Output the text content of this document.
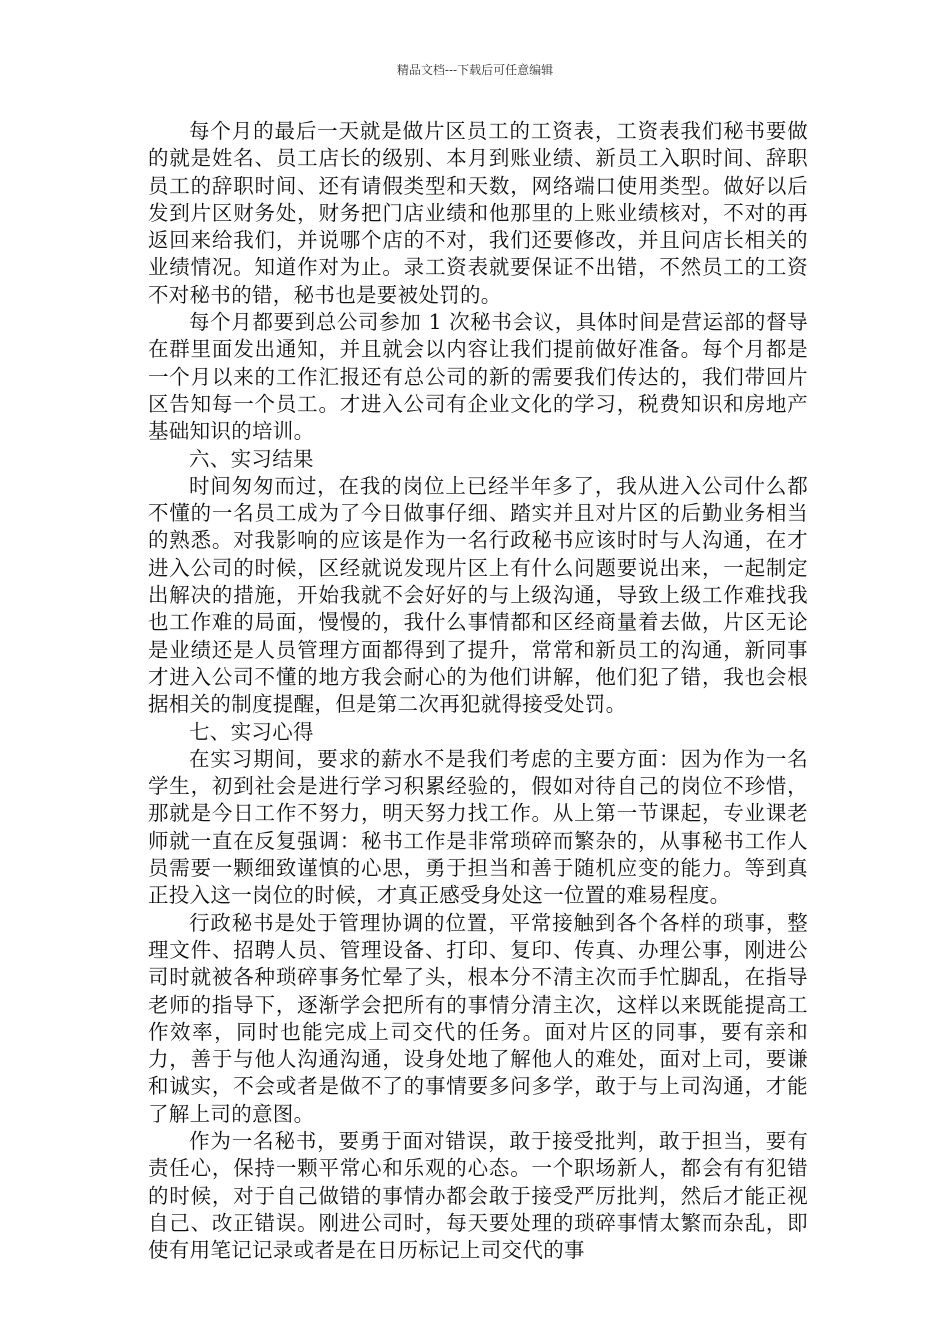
精品文档---下载后可任意编辑

每个月的最后一天就是做片区员工的工资表，工资表我们秘书要做的就是姓名、员工店长的级别、本月到账业绩、新员工入职时间、辞职员工的辞职时间、还有请假类型和天数，网络端口使用类型。做好以后发到片区财务处，财务把门店业绩和他那里的上账业绩核对，不对的再返回来给我们，并说哪个店的不对，我们还要修改，并且问店长相关的业绩情况。知道作对为止。录工资表就要保证不出错，不然员工的工资不对秘书的错，秘书也是要被处罚的。

每个月都要到总公司参加 1 次秘书会议，具体时间是营运部的督导在群里面发出通知，并且就会以内容让我们提前做好准备。每个月都是一个月以来的工作汇报还有总公司的新的需要我们传达的，我们带回片区告知每一个员工。才进入公司有企业文化的学习，税费知识和房地产基础知识的培训。

六、实习结果

时间匆匆而过，在我的岗位上已经半年多了，我从进入公司什么都不懂的一名员工成为了今日做事仔细、踏实并且对片区的后勤业务相当的熟悉。对我影响的应该是作为一名行政秘书应该时时与人沟通，在才进入公司的时候，区经就说发现片区上有什么问题要说出来，一起制定出解决的措施，开始我就不会好好的与上级沟通，导致上级工作难找我也工作难的局面，慢慢的，我什么事情都和区经商量着去做，片区无论是业绩还是人员管理方面都得到了提升，常常和新员工的沟通，新同事才进入公司不懂的地方我会耐心的为他们讲解，他们犯了错，我也会根据相关的制度提醒，但是第二次再犯就得接受处罚。

七、实习心得

在实习期间，要求的薪水不是我们考虑的主要方面：因为作为一名学生，初到社会是进行学习积累经验的，假如对待自己的岗位不珍惜，那就是今日工作不努力，明天努力找工作。从上第一节课起，专业课老师就一直在反复强调：秘书工作是非常琐碎而繁杂的，从事秘书工作人员需要一颗细致谨慎的心思，勇于担当和善于随机应变的能力。等到真正投入这一岗位的时候，才真正感受身处这一位置的难易程度。

行政秘书是处于管理协调的位置，平常接触到各个各样的琐事，整理文件、招聘人员、管理设备、打印、复印、传真、办理公事，刚进公司时就被各种琐碎事务忙晕了头，根本分不清主次而手忙脚乱，在指导老师的指导下，逐渐学会把所有的事情分清主次，这样以来既能提高工作效率，同时也能完成上司交代的任务。面对片区的同事，要有亲和力，善于与他人沟通沟通，设身处地了解他人的难处，面对上司，要谦和诚实，不会或者是做不了的事情要多问多学，敢于与上司沟通，才能了解上司的意图。

作为一名秘书，要勇于面对错误，敢于接受批判，敢于担当，要有责任心，保持一颗平常心和乐观的心态。一个职场新人，都会有有犯错的时候，对于自己做错的事情办都会敢于接受严厉批判，然后才能正视自己、改正错误。刚进公司时，每天要处理的琐碎事情太繁而杂乱，即使有用笔记记录或者是在日历标记上司交代的事
